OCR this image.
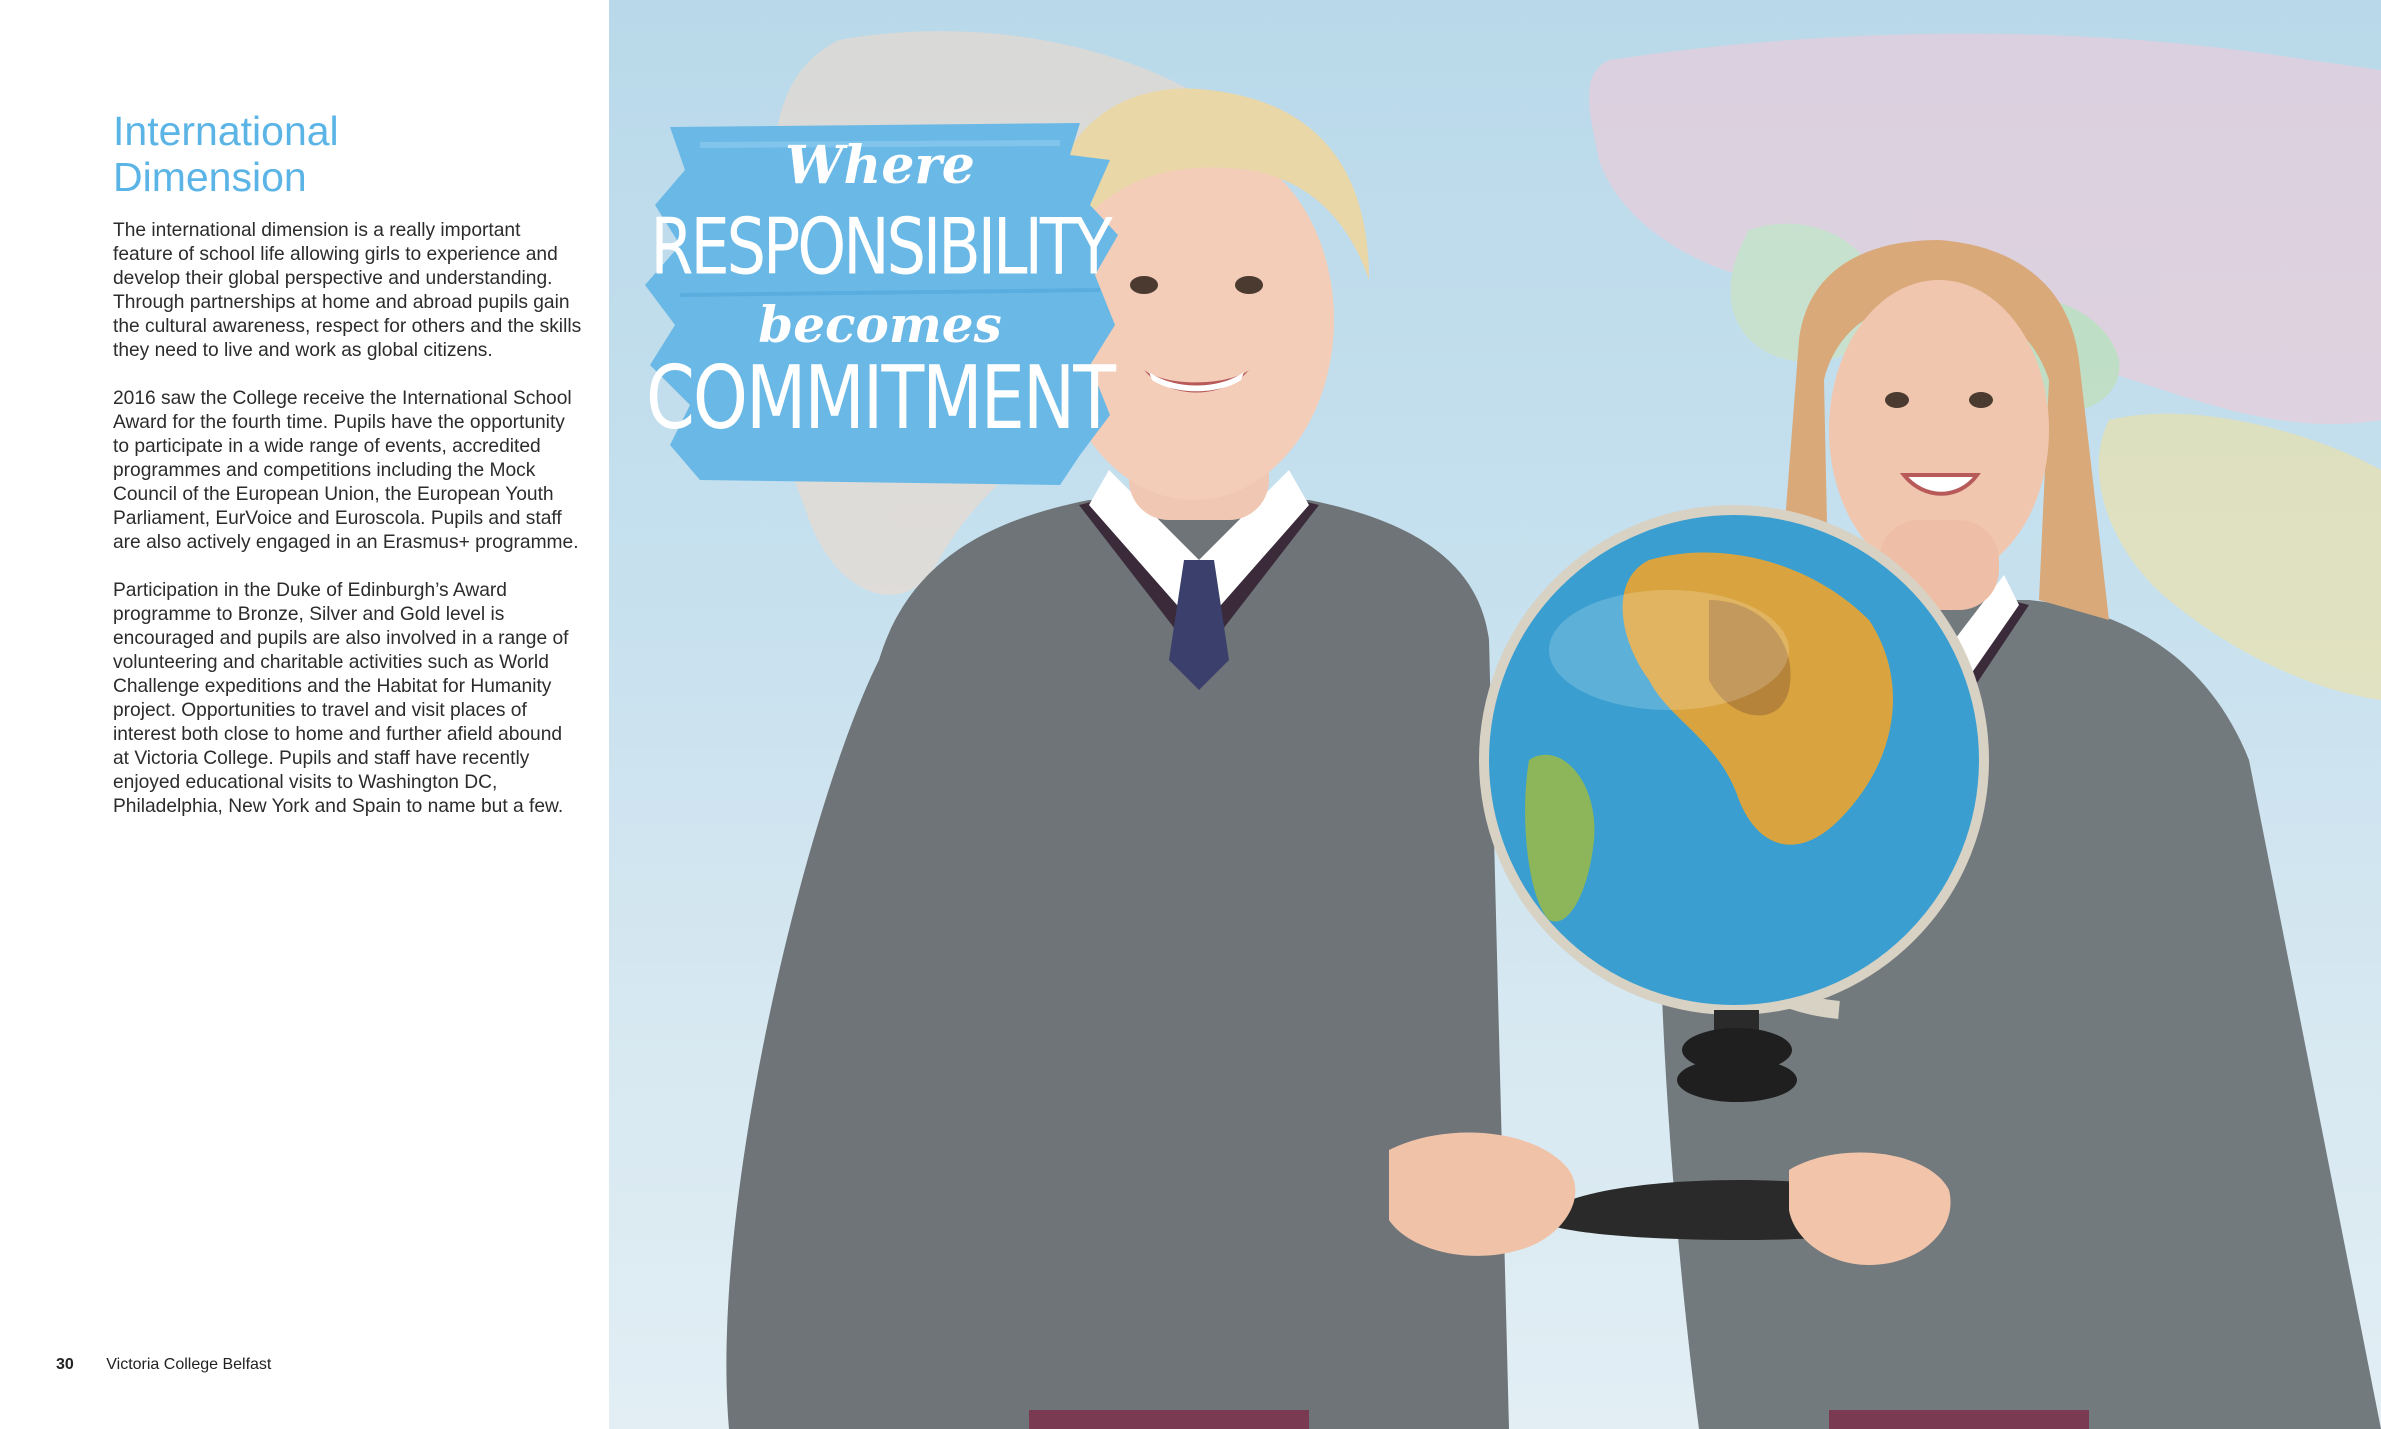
International
Dimension

The international dimension is a really important feature of school life allowing girls to experience and develop their global perspective and understanding. Through partnerships at home and abroad pupils gain the cultural awareness, respect for others and the skills they need to live and work as global citizens.

2016 saw the College receive the International School Award for the fourth time. Pupils have the opportunity to participate in a wide range of events, accredited programmes and competitions including the Mock Council of the European Union, the European Youth Parliament, EurVoice and Euroscola. Pupils and staff are also actively engaged in an Erasmus+ programme.

Participation in the Duke of Edinburgh’s Award programme to Bronze, Silver and Gold level is encouraged and pupils are also involved in a range of volunteering and charitable activities such as World Challenge expeditions and the Habitat for Humanity project. Opportunities to travel and visit places of interest both close to home and further afield abound at Victoria College. Pupils and staff have recently enjoyed educational visits to Washington DC, Philadelphia, New York and Spain to name but a few.

30 Victoria College Belfast
Where
RESPONSIBILITY
becomes
COMMITMENT
